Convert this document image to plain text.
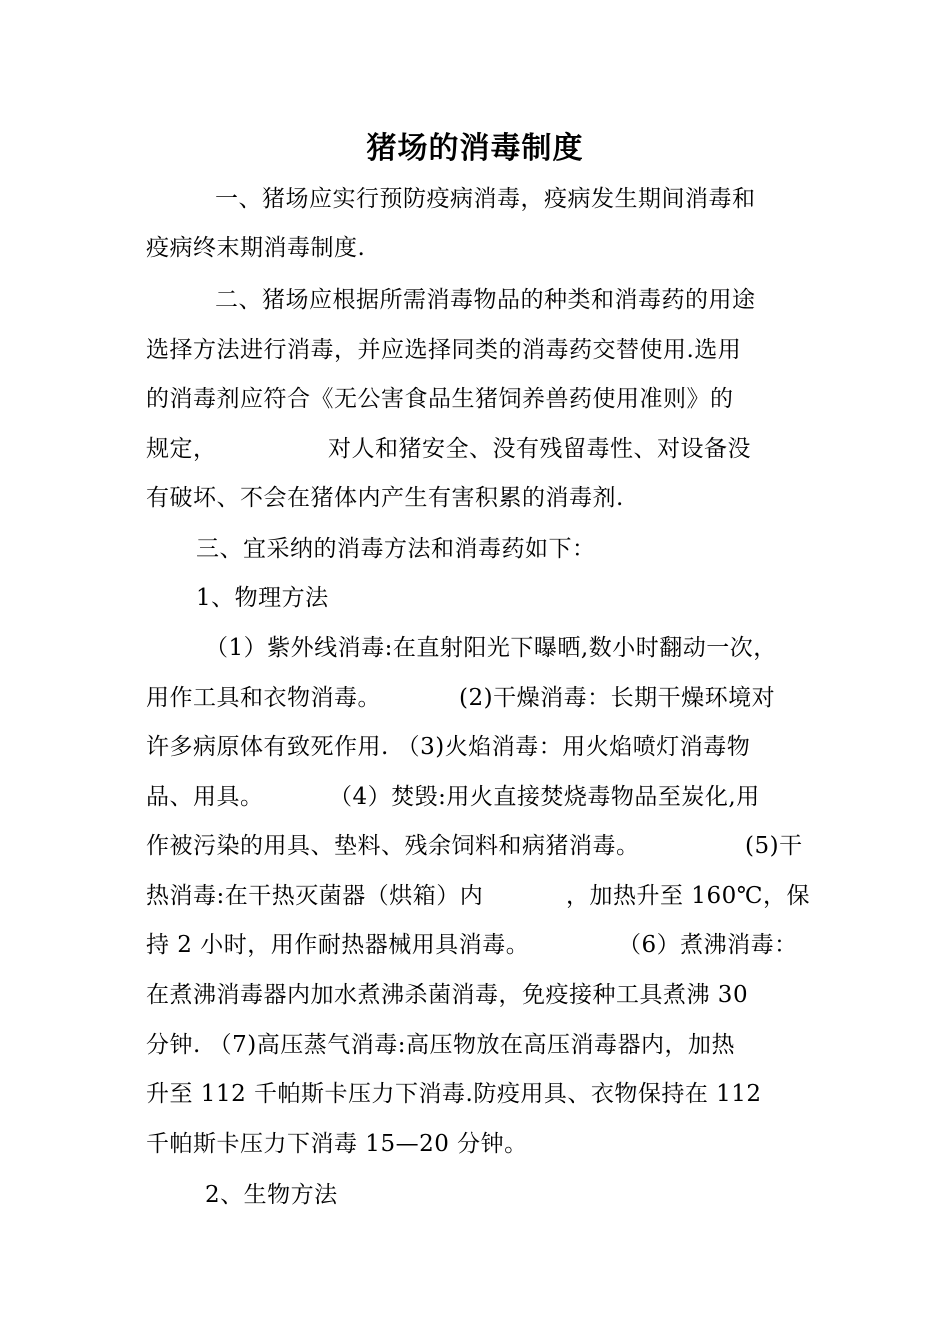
猪场的消毒制度
一、猪场应实行预防疫病消毒，疫病发生期间消毒和
疫病终末期消毒制度.
二、猪场应根据所需消毒物品的种类和消毒药的用途
选择方法进行消毒，并应选择同类的消毒药交替使用.选用
的消毒剂应符合《无公害食品生猪饲养兽药使用准则》的
规定，	对人和猪安全、没有残留毒性、对设备没
有破坏、不会在猪体内产生有害积累的消毒剂.
三、宜采纳的消毒方法和消毒药如下：
1、物理方法
（1）紫外线消毒:在直射阳光下曝晒,数小时翻动一次，
用作工具和衣物消毒。	(2)干燥消毒：长期干燥环境对
许多病原体有致死作用. （3)火焰消毒：用火焰喷灯消毒物
品、用具。	（4）焚毁:用火直接焚烧毒物品至炭化,用
作被污染的用具、垫料、残余饲料和病猪消毒。	(5)干
热消毒:在干热灭菌器（烘箱）内	，加热升至 160℃，保
持 2 小时，用作耐热器械用具消毒。	（6）煮沸消毒：
在煮沸消毒器内加水煮沸杀菌消毒，免疫接种工具煮沸 30
分钟. （7)高压蒸气消毒:高压物放在高压消毒器内，加热
升至 112 千帕斯卡压力下消毒.防疫用具、衣物保持在 112
千帕斯卡压力下消毒 15—20 分钟。
2、生物方法
